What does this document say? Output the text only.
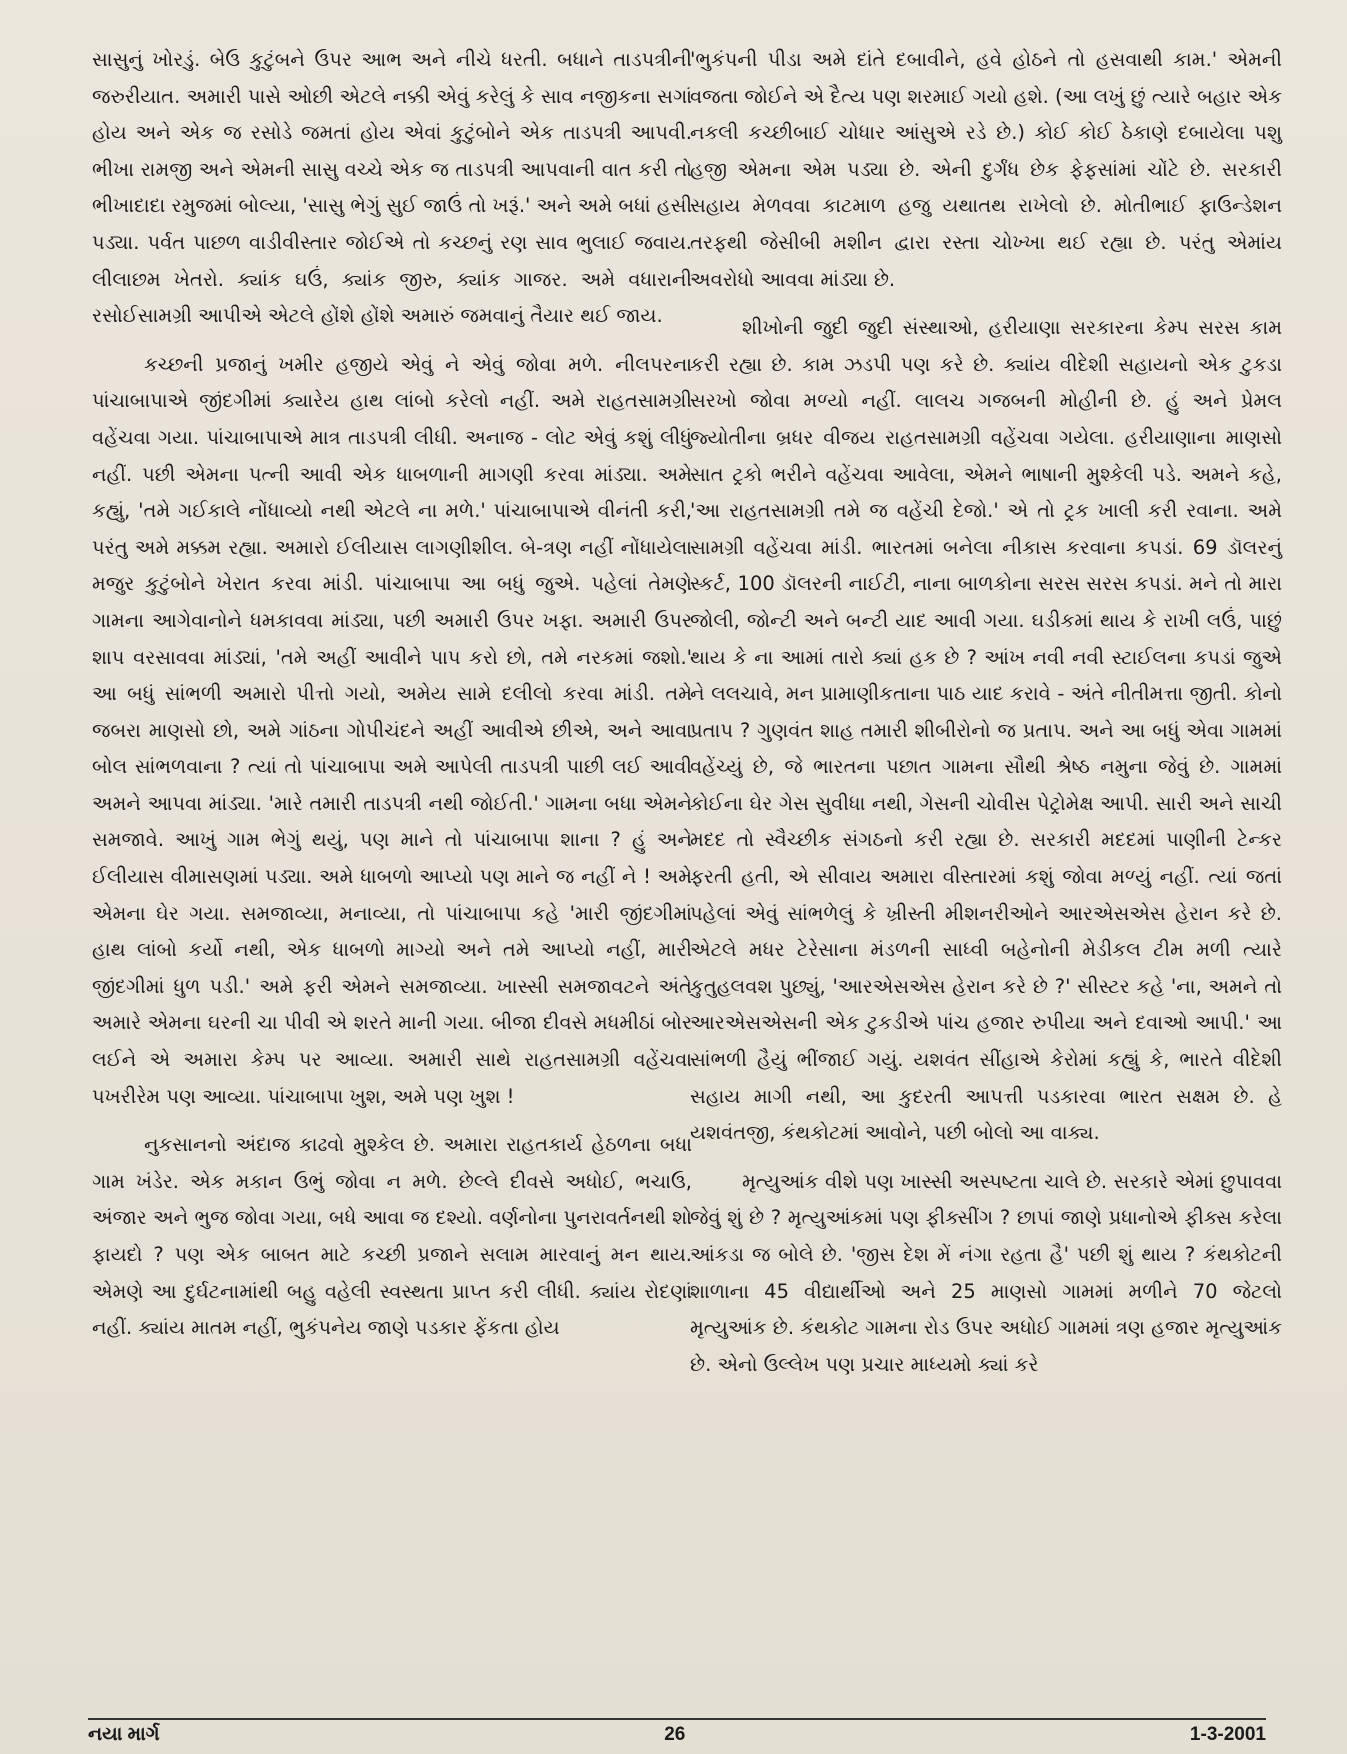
સાસુનું ખોરડું. બેઉ કુટુંબને ઉપર આભ અને નીચે ધરતી. બધાને તાડપત્રીની જરુરીયાત. અમારી પાસે ઓછી એટલે નક્કી એવું કરેલું કે સાવ નજીકના સગાં હોય અને એક જ રસોડે જમતાં હોય એવાં કુટુંબોને એક તાડપત્રી આપવી. ભીખા રામજી અને એમની સાસુ વચ્ચે એક જ તાડપત્રી આપવાની વાત કરી તો ભીખાદાદા રમુજમાં બોલ્યા, 'સાસુ ભેગું સુઈ જાઉં તો ખરૂં.' અને અમે બધાં હસી પડ્યા. પર્વત પાછળ વાડીવીસ્તાર જોઈએ તો કચ્છનું રણ સાવ ભુલાઈ જવાય. લીલાછમ ખેતરો. ક્યાંક ઘઉં, ક્યાંક જીરુ, ક્યાંક ગાજર. અમે વધારાની રસોઈસામગ્રી આપીએ એટલે હોંશે હોંશે અમારું જમવાનું તૈયાર થઈ જાય.

કચ્છની પ્રજાનું ખમીર હજીયે એવું ને એવું જોવા મળે. નીલપરના પાંચાબાપાએ જીંદગીમાં ક્યારેય હાથ લાંબો કરેલો નહીં. અમે રાહતસામગ્રી વહેંચવા ગયા. પાંચાબાપાએ માત્ર તાડપત્રી લીધી. અનાજ - લોટ એવું કશું લીધું નહીં. પછી એમના પત્ની આવી એક ધાબળાની માગણી કરવા માંડ્યા. અમે કહ્યું, 'તમે ગઈકાલે નોંધાવ્યો નથી એટલે ના મળે.' પાંચાબાપાએ વીનંતી કરી, પરંતુ અમે મક્કમ રહ્યા. અમારો ઈલીયાસ લાગણીશીલ. બે-ત્રણ નહીં નોંધાયેલા મજુર કુટુંબોને ખેરાત કરવા માંડી. પાંચાબાપા આ બધું જુએ. પહેલાં તેમણે ગામના આગેવાનોને ધમકાવવા માંડ્યા, પછી અમારી ઉપર ખફા. અમારી ઉપર શાપ વરસાવવા માંડ્યાં, 'તમે અહીં આવીને પાપ કરો છો, તમે નરકમાં જશો.' આ બધું સાંભળી અમારો પીત્તો ગયો, અમેય સામે દલીલો કરવા માંડી. તમે જબરા માણસો છો, અમે ગાંઠના ગોપીચંદને અહીં આવીએ છીએ, અને આવા બોલ સાંભળવાના ? ત્યાં તો પાંચાબાપા અમે આપેલી તાડપત્રી પાછી લઈ આવી અમને આપવા માંડ્યા. 'મારે તમારી તાડપત્રી નથી જોઈતી.' ગામના બધા એમને સમજાવે. આખું ગામ ભેગું થયું, પણ માને તો પાંચાબાપા શાના ? હું અને ઈલીયાસ વીમાસણમાં પડ્યા. અમે ધાબળો આપ્યો પણ માને જ નહીં ને ! અમે એમના ઘેર ગયા. સમજાવ્યા, મનાવ્યા, તો પાંચાબાપા કહે 'મારી જીંદગીમાં હાથ લાંબો કર્યો નથી, એક ધાબળો માગ્યો અને તમે આપ્યો નહીં, મારી જીંદગીમાં ધુળ પડી.' અમે ફરી એમને સમજાવ્યા. ખાસ્સી સમજાવટને અંતે અમારે એમના ઘરની ચા પીવી એ શરતે માની ગયા. બીજા દીવસે મધમીઠાં બોર લઈને એ અમારા કેમ્પ પર આવ્યા. અમારી સાથે રાહતસામગ્રી વહેંચવા પખરીરેમ પણ આવ્યા. પાંચાબાપા ખુશ, અમે પણ ખુશ !

નુકસાનનો અંદાજ કાઢવો મુશ્કેલ છે. અમારા રાહતકાર્ય હેઠળના બધા ગામ ખંડેર. એક મકાન ઉભું જોવા ન મળે. છેલ્લે દીવસે અધોઈ, ભચાઉ, અંજાર અને ભુજ જોવા ગયા, બધે આવા જ દશ્યો. વર્ણનોના પુનરાવર્તનથી શો ફાયદો ? પણ એક બાબત માટે કચ્છી પ્રજાને સલામ મારવાનું મન થાય. એમણે આ દુર્ઘટનામાંથી બહુ વહેલી સ્વસ્થતા પ્રાપ્ત કરી લીધી. ક્યાંય રોદણાં નહીં. ક્યાંય માતમ નહીં, ભુકંપનેય જાણે પડકાર ફેંકતા હોય

'ભુકંપની પીડા અમે દાંતે દબાવીને, હવે હોઠને તો હસવાથી કામ.' એમની વજતા જોઈને એ દૈત્ય પણ શરમાઈ ગયો હશે. (આ લખું છું ત્યારે બહાર એક નકલી કચ્છીબાઈ ચોધાર આંસુએ રડે છે.) કોઈ કોઈ ઠેકાણે દબાયેલા પશુ હજી એમના એમ પડ્યા છે. એની દુર્ગંધ છેક ફેફસાંમાં ચોંટે છે. સરકારી સહાય મેળવવા કાટમાળ હજુ યથાતથ રાખેલો છે. મોતીભાઈ ફાઉન્ડેશન તરફથી જેસીબી મશીન દ્વારા રસ્તા ચોખ્ખા થઈ રહ્યા છે. પરંતુ એમાંય અવરોધો આવવા માંડ્યા છે.

શીખોની જુદી જુદી સંસ્થાઓ, હરીયાણા સરકારના કેમ્પ સરસ કામ કરી રહ્યા છે. કામ ઝડપી પણ કરે છે. ક્યાંય વીદેશી સહાયનો એક ટુકડા સરખો જોવા મળ્યો નહીં. લાલચ ગજબની મોહીની છે. હું અને પ્રેમલ જ્યોતીના બ્રધર વીજય રાહતસામગ્રી વહેંચવા ગયેલા. હરીયાણાના માણસો સાત ટ્રકો ભરીને વહેંચવા આવેલા, એમને ભાષાની મુશ્કેલી પડે. અમને કહે, 'આ રાહતસામગ્રી તમે જ વહેંચી દેજો.' એ તો ટ્રક ખાલી કરી રવાના. અમે સામગ્રી વહેંચવા માંડી. ભારતમાં બનેલા નીકાસ કરવાના કપડાં. 69 ડૉલરનું સ્કર્ટ, 100 ડૉલરની નાઈટી, નાના બાળકોના સરસ સરસ કપડાં. મને તો મારા જોલી, જોન્ટી અને બન્ટી યાદ આવી ગયા. ઘડીકમાં થાય કે રાખી લઉં, પાછું થાય કે ના આમાં તારો ક્યાં હક છે ? આંખ નવી નવી સ્ટાઈલના કપડાં જુએ ને લલચાવે, મન પ્રામાણીકતાના પાઠ યાદ કરાવે - અંતે નીતીમત્તા જીતી. કોનો પ્રતાપ ? ગુણવંત શાહ તમારી શીબીરોનો જ પ્રતાપ. અને આ બધું એવા ગામમાં વહેંચ્યું છે, જે ભારતના પછાત ગામના સૌથી શ્રેષ્ઠ નમુના જેવું છે. ગામમાં કોઈના ઘેર ગેસ સુવીધા નથી, ગેસની ચોવીસ પેટ્રોમેક્ષ આપી. સારી અને સાચી મદદ તો સ્વૈચ્છીક સંગઠનો કરી રહ્યા છે. સરકારી મદદમાં પાણીની ટેન્કર ફરતી હતી, એ સીવાય અમારા વીસ્તારમાં કશું જોવા મળ્યું નહીં. ત્યાં જતાં પહેલાં એવું સાંભળેલું કે ખ્રીસ્તી મીશનરીઓને આરએસએસ હેરાન કરે છે. એટલે મધર ટેરેસાના મંડળની સાધ્વી બહેનોની મેડીકલ ટીમ મળી ત્યારે કુતુહલવશ પુછ્યું, 'આરએસએસ હેરાન કરે છે ?' સીસ્ટર કહે 'ના, અમને તો આરએસએસની એક ટુકડીએ પાંચ હજાર રુપીયા અને દવાઓ આપી.' આ સાંભળી હૈયું ભીંજાઈ ગયું. યશવંત સીંહાએ કેરોમાં કહ્યું કે, ભારતે વીદેશી સહાય માગી નથી, આ કુદરતી આપત્તી પડકારવા ભારત સક્ષમ છે. હે યશવંતજી, કંથકોટમાં આવોને, પછી બોલો આ વાક્ય.

મૃત્યુઆંક વીશે પણ ખાસ્સી અસ્પષ્ટતા ચાલે છે. સરકારે એમાં છુપાવવા જેવું શું છે ? મૃત્યુઆંકમાં પણ ફીક્સીંગ ? છાપાં જાણે પ્રધાનોએ ફીક્સ કરેલા આંકડા જ બોલે છે. 'જીસ દેશ મેં નંગા રહતા હૈ' પછી શું થાય ? કંથકોટની શાળાના 45 વીદ્યાર્થીઓ અને 25 માણસો ગામમાં મળીને 70 જેટલો મૃત્યુઆંક છે. કંથકોટ ગામના રોડ ઉપર અધોઈ ગામમાં ત્રણ હજાર મૃત્યુઆંક છે. એનો ઉલ્લેખ પણ પ્રચાર માધ્યમો ક્યાં કરે

નયા માર્ગ	26	1-3-2001
